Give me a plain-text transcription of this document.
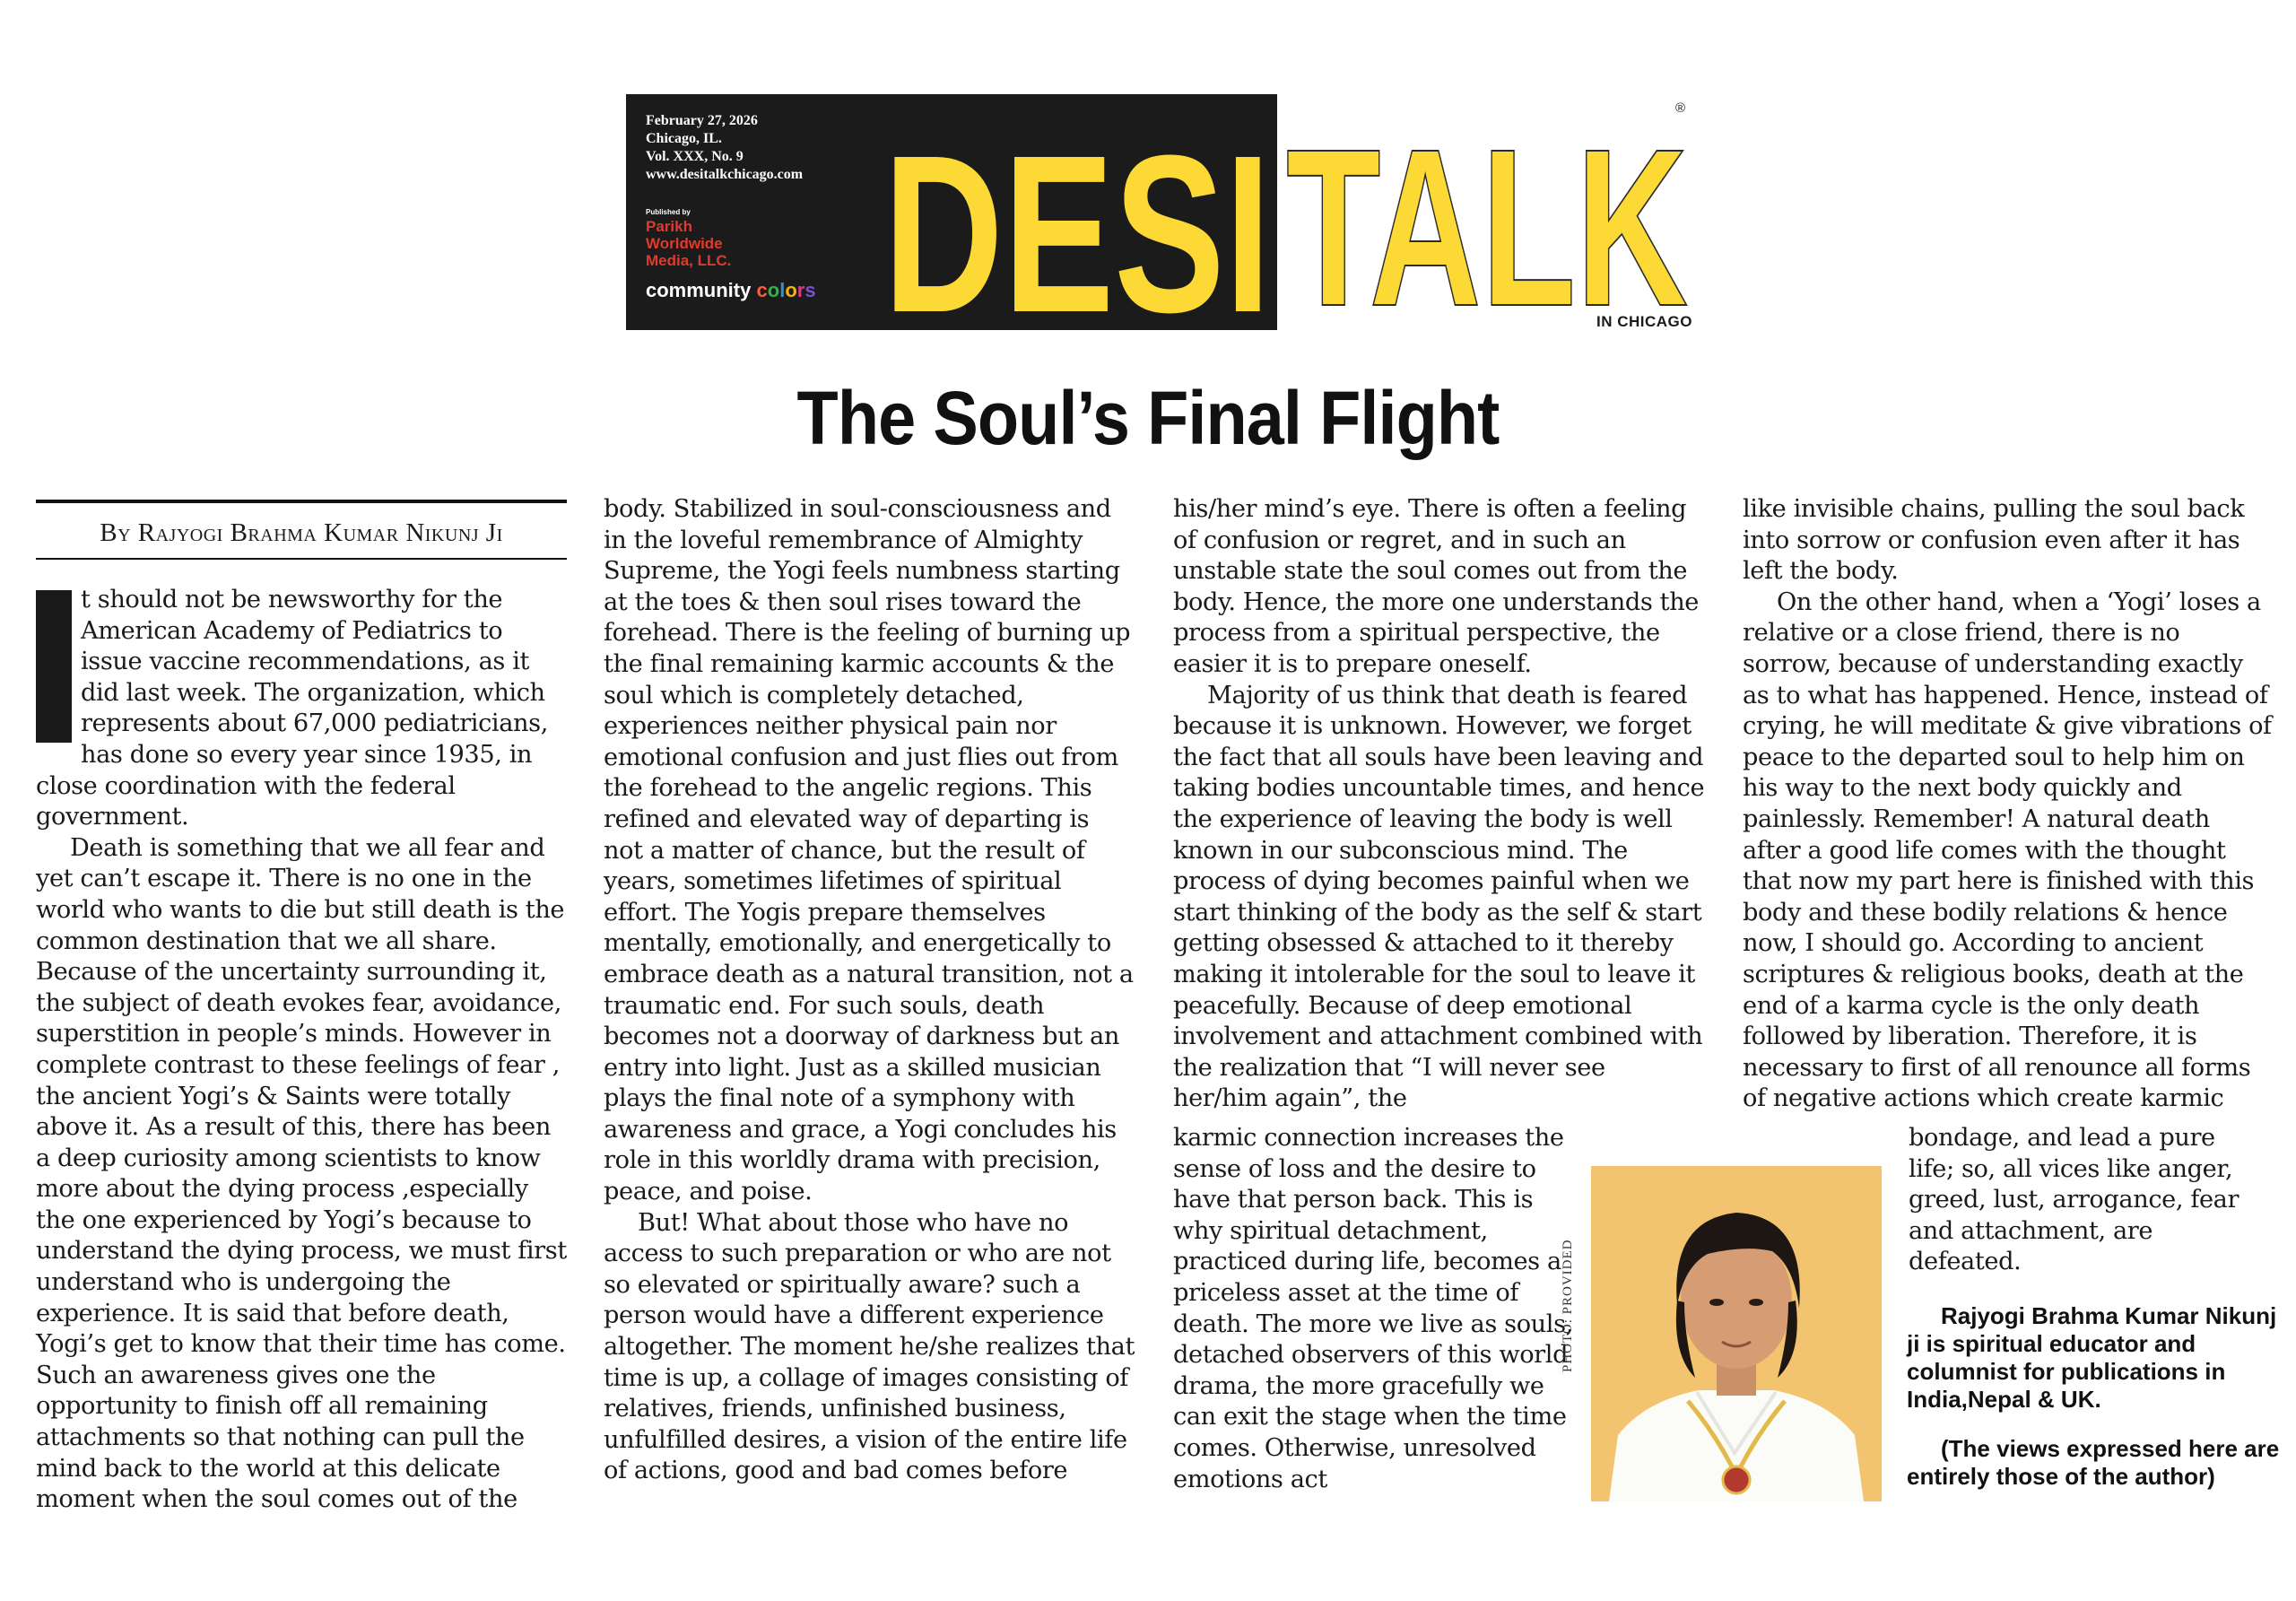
February 27, 2026
Chicago, IL.
Vol. XXX, No. 9
www.desitalkchicago.com
Published by
Parikh
Worldwide
Media, LLC.
community colors DESI TALK
®
IN CHICAGO
The Soul’s Final Flight
By Rajyogi Brahma Kumar Nikunj Ji

t should not be newsworthy for the American Academy of Pediatrics to issue vaccine recommendations, as it did last week. The organization, which represents about 67,000 pediatricians, has done so every year since 1935, in close coordination with the federal government.

Death is something that we all fear and yet can’t escape it. There is no one in the world who wants to die but still death is the common destination that we all share. Because of the uncertainty surrounding it, the subject of death evokes fear, avoidance, superstition in people’s minds. However in complete contrast to these feelings of fear , the ancient Yogi’s & Saints were totally above it. As a result of this, there has been a deep curiosity among scientists to know more about the dying process ,especially the one experienced by Yogi’s because to understand the dying process, we must first understand who is undergoing the experience. It is said that before death, Yogi’s get to know that their time has come. Such an awareness gives one the opportunity to finish off all remaining attachments so that nothing can pull the mind back to the world at this delicate moment when the soul comes out of the

body. Stabilized in soul-consciousness and in the loveful remembrance of Almighty Supreme, the Yogi feels numbness starting at the toes & then soul rises toward the forehead. There is the feeling of burning up the final remaining karmic accounts & the soul which is completely detached, experiences neither physical pain nor emotional confusion and just flies out from the forehead to the angelic regions. This refined and elevated way of departing is not a matter of chance, but the result of years, sometimes lifetimes of spiritual effort. The Yogis prepare themselves mentally, emotionally, and energetically to embrace death as a natural transition, not a traumatic end. For such souls, death becomes not a doorway of darkness but an entry into light. Just as a skilled musician plays the final note of a symphony with awareness and grace, a Yogi concludes his role in this worldly drama with precision, peace, and poise.

But! What about those who have no access to such preparation or who are not so elevated or spiritually aware? such a person would have a different experience altogether. The moment he/she realizes that time is up, a collage of images consisting of relatives, friends, unfinished business, unfulfilled desires, a vision of the entire life of actions, good and bad comes before

his/her mind’s eye. There is often a feeling of confusion or regret, and in such an unstable state the soul comes out from the body. Hence, the more one understands the process from a spiritual perspective, the easier it is to prepare oneself.

Majority of us think that death is feared because it is unknown. However, we forget the fact that all souls have been leaving and taking bodies uncountable times, and hence the experience of leaving the body is well known in our subconscious mind. The process of dying becomes painful when we start thinking of the body as the self & start getting obsessed & attached to it thereby making it intolerable for the soul to leave it peacefully. Because of deep emotional involvement and attachment combined with the realization that “I will never see her/him again”, the

karmic connection increases the sense of loss and the desire to have that person back. This is why spiritual detachment, practiced during life, becomes a priceless asset at the time of death. The more we live as souls, detached observers of this world drama, the more gracefully we can exit the stage when the time comes. Otherwise, unresolved emotions act

like invisible chains, pulling the soul back into sorrow or confusion even after it has left the body.

On the other hand, when a ‘Yogi’ loses a relative or a close friend, there is no sorrow, because of understanding exactly as to what has happened. Hence, instead of crying, he will meditate & give vibrations of peace to the departed soul to help him on his way to the next body quickly and painlessly. Remember! A natural death after a good life comes with the thought that now my part here is finished with this body and these bodily relations & hence now, I should go. According to ancient scriptures & religious books, death at the end of a karma cycle is the only death followed by liberation. Therefore, it is necessary to first of all renounce all forms of negative actions which create karmic

bondage, and lead a pure life; so, all vices like anger, greed, lust, arrogance, fear and attachment, are defeated.

PHOTO: PROVIDED	Rajyogi Brahma Kumar Nikunj ji is spiritual educator and columnist for publications in India,Nepal & UK.

(The views expressed here are entirely those of the author)
